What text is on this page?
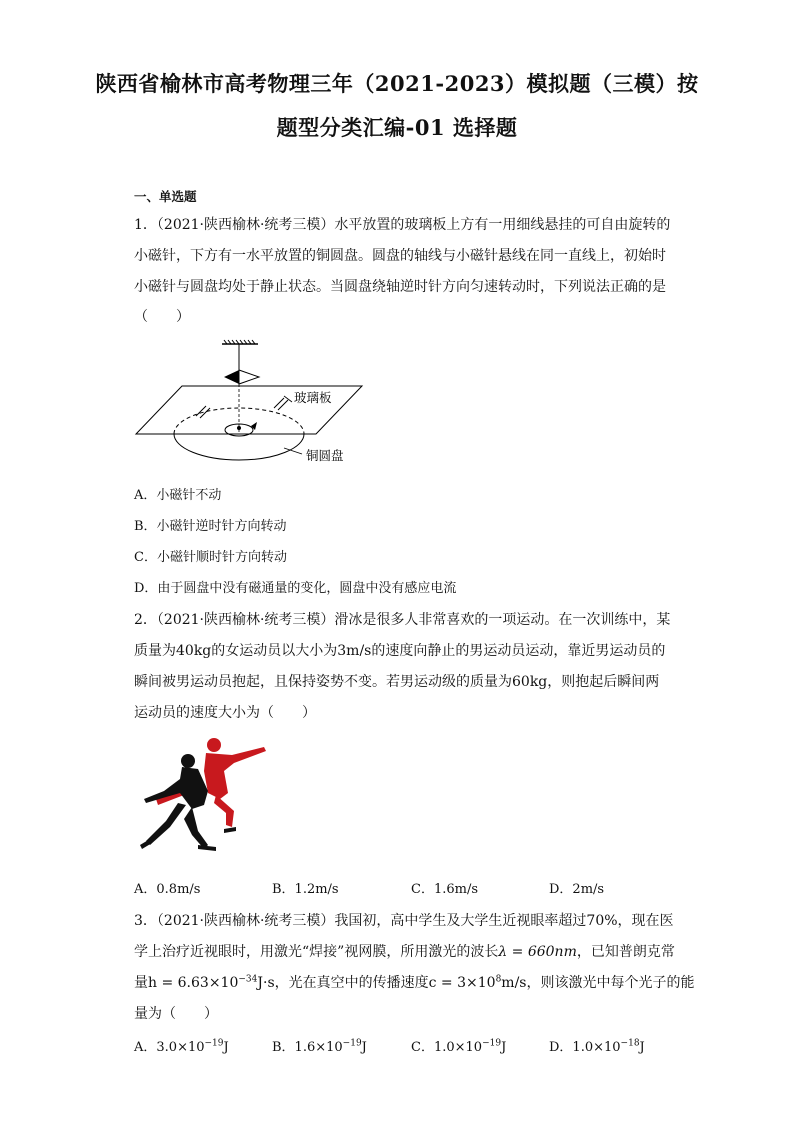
陕西省榆林市高考物理三年（2021-2023）模拟题（三模）按
题型分类汇编-01 选择题
一、单选题
1．（2021·陕西榆林·统考三模）水平放置的玻璃板上方有一用细线悬挂的可自由旋转的
小磁针，下方有一水平放置的铜圆盘。圆盘的轴线与小磁针悬线在同一直线上，初始时
小磁针与圆盘均处于静止状态。当圆盘绕轴逆时针方向匀速转动时，下列说法正确的是
（　　）
玻璃板
铜圆盘
A．小磁针不动
B．小磁针逆时针方向转动
C．小磁针顺时针方向转动
D．由于圆盘中没有磁通量的变化，圆盘中没有感应电流
2．（2021·陕西榆林·统考三模）滑冰是很多人非常喜欢的一项运动。在一次训练中，某
质量为40kg的女运动员以大小为3m/s的速度向静止的男运动员运动，靠近男运动员的
瞬间被男运动员抱起，且保持姿势不变。若男运动级的质量为60kg，则抱起后瞬间两
运动员的速度大小为（　　）
A．0.8m/s	B．1.2m/s	C．1.6m/s	D．2m/s
3．（2021·陕西榆林·统考三模）我国初，高中学生及大学生近视眼率超过70%，现在医
学上治疗近视眼时，用激光“焊接”视网膜，所用激光的波长λ = 660nm，已知普朗克常
量$h = 6.63\times 10^{-34}J\cdot s$，光在真空中的传播速度$c = 3\times 10^8m/s$，则该激光中每个光子的能
量为（　　）
A．$3.0\times 10^{-19}J$	B．$1.6\times 10^{-19}J$	C．$1.0\times 10^{-19}J$	D．$1.0\times 10^{-18}J$
